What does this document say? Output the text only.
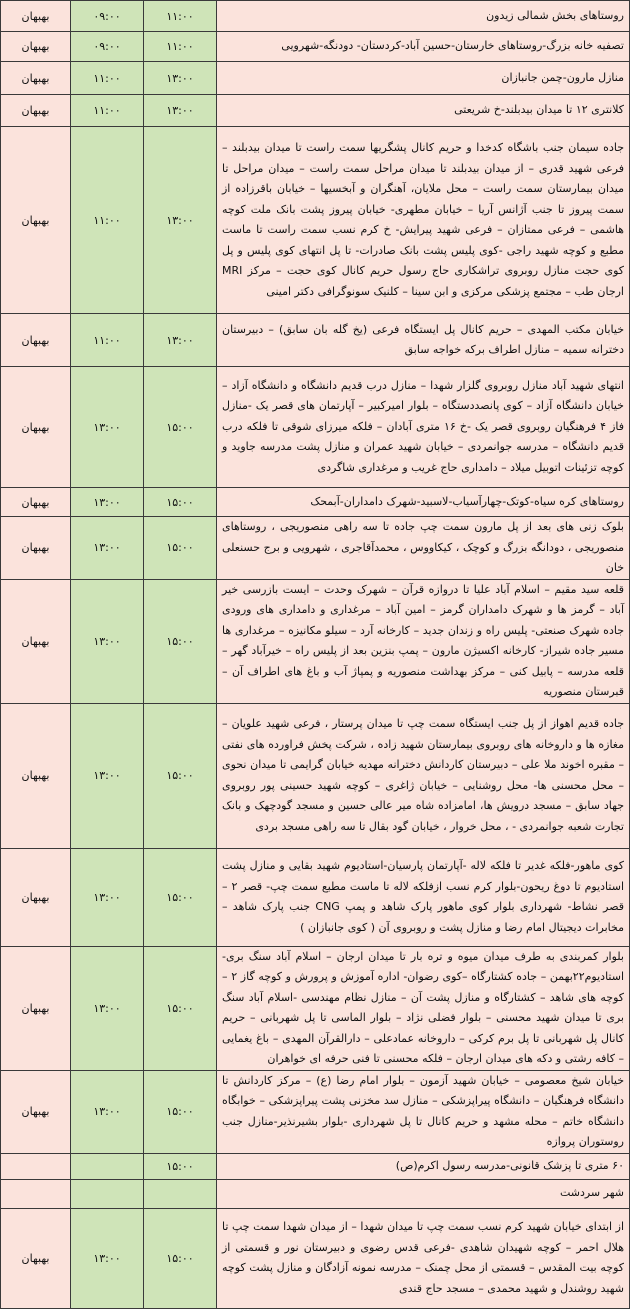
بهبهان	۰۹:۰۰	۱۱:۰۰	روستاهای بخش شمالی زیدون
بهبهان	۰۹:۰۰	۱۱:۰۰	تصفیه خانه بزرگ-روستاهای خارستان-حسین آباد-کردستان- دودنگه-شهرویی
بهبهان	۱۱:۰۰	۱۳:۰۰	منازل مارون-چمن جانبازان
بهبهان	۱۱:۰۰	۱۳:۰۰	کلانتری ۱۲ تا میدان بیدبلند-خ شریعتی
بهبهان	۱۱:۰۰	۱۳:۰۰	جاده سیمان جنب باشگاه کدخدا و حریم کانال پشگریها سمت راست تا میدان بیدبلند – فرعی شهید قدری – از میدان بیدبلند تا میدان مراحل سمت راست – میدان مراحل تا میدان بیمارستان سمت راست – محل ملایان، آهنگران و آبخسیها – خیابان باقرزاده از سمت پیروز تا جنب آژانس آریا – خیابان مطهری- خیابان پیروز پشت بانک ملت کوچه هاشمی – فرعی ممتازان – فرعی شهید پیرایش- خ کرم نسب سمت راست تا ماست مطبع و کوچه شهید راجی -کوی پلیس پشت بانک صادرات- تا پل انتهای کوی پلیس و پل کوی حجت منازل روبروی تراشکاری حاج رسول حریم کانال کوی حجت – مرکز MRI ارجان طب – مجتمع پزشکی مرکزی و ابن سینا – کلنیک سونوگرافی دکتر امینی
بهبهان	۱۱:۰۰	۱۳:۰۰	خیابان مکتب المهدی – حریم کانال پل ایستگاه فرعی (یخ گله بان سابق) – دبیرستان دخترانه سمیه – منازل اطراف برکه خواجه سابق
بهبهان	۱۳:۰۰	۱۵:۰۰	انتهای شهید آباد منازل روبروی گلزار شهدا – منازل درب قدیم دانشگاه و دانشگاه آزاد – خیابان دانشگاه آزاد – کوی پانصددستگاه – بلوار امیرکبیر – آپارتمان های قصر یک -منازل فاز ۴ فرهنگیان روبروی قصر یک -خ ۱۶ متری آبادان – فلکه میرزای شوقی تا فلکه درب قدیم دانشگاه – مدرسه جوانمردی – خیابان شهید عمران و منازل پشت مدرسه جاوید و کوچه تزئینات اتوبیل میلاد – دامداری حاج غریب و مرغداری شاگردی
بهبهان	۱۳:۰۰	۱۵:۰۰	روستاهای کره سیاه-کوتک-چهارآسیاب-لاسبید-شهرک دامداران-آبمحک
بهبهان	۱۳:۰۰	۱۵:۰۰	بلوک زنی های بعد از پل مارون سمت چپ جاده تا سه راهی منصوریجی ، روستاهای منصوریجی ، دودانگه بزرگ و کوچک ، کیکاووس ، محمدآقاجری ، شهرویی و برج حسنعلی خان
بهبهان	۱۳:۰۰	۱۵:۰۰	قلعه سید مقیم – اسلام آباد علیا تا دروازه قرآن – شهرک وحدت – ایست بازرسی خیر آباد – گرمز ها و شهرک دامداران گرمز – امین آباد – مرغداری و دامداری های ورودی جاده شهرک صنعتی- پلیس راه و زندان جدید – کارخانه آرد – سیلو مکانیزه – مرغداری ها مسیر جاده شیراز- کارخانه اکسیژن مارون – پمپ بنزین بعد از پلیس راه – خیرآباد گهر – قلعه مدرسه – پابیل کنی – مرکز بهداشت منصوریه و پمپاژ آب و باغ های اطراف آن – قبرستان منصوریه
بهبهان	۱۳:۰۰	۱۵:۰۰	جاده قدیم اهواز از پل جنب ایستگاه سمت چپ تا میدان پرستار ، فرعی شهید علویان – مغازه ها و داروخانه های روبروی بیمارستان شهید زاده ، شرکت پخش فراورده های نفتی – مقبره اخوند ملا علی – دبیرستان کاردانش دخترانه مهدیه خیابان گرایمی تا میدان نحوی – محل محسنی ها- محل روشنایی – خیابان ژاغری – کوچه شهید حسینی پور روبروی جهاد سابق – مسجد درویش ها، امامزاده شاه میر عالی حسین و مسجد گودچهک و بانک تجارت شعبه جوانمردی - ، محل خروار ، خیابان گود بقال تا سه راهی مسجد بردی
بهبهان	۱۳:۰۰	۱۵:۰۰	کوی ماهور-فلکه غدیر تا فلکه لاله -آپارتمان پارسیان-استادیوم شهید بقایی و منازل پشت استادیوم تا دوغ ریحون-بلوار کرم نسب ازفلکه لاله تا ماست مطبع سمت چپ- قصر ۲ – قصر نشاط- شهرداری بلوار کوی ماهور پارک شاهد و پمپ CNG جنب پارک شاهد – مخابرات دیجیتال امام رضا و منازل پشت و روبروی آن ( کوی جانبازان )
بهبهان	۱۳:۰۰	۱۵:۰۰	بلوار کمربندی به طرف میدان میوه و تره بار تا میدان ارجان – اسلام آباد سنگ بری-استادیوم۲۲بهمن – جاده کشتارگاه –کوی رضوان- اداره آموزش و پرورش و کوچه گاز ۲ –کوچه های شاهد – کشتارگاه و منازل پشت آن – منازل نظام مهندسی -اسلام آباد سنگ بری تا میدان شهید محسنی – بلوار فضلی نژاد – بلوار الماسی تا پل شهربانی – حریم کانال پل شهربانی تا پل برم کرکی – داروخانه عمادعلی – دارالقرآن المهدی – باغ یغمایی – کافه رشتی و دکه های میدان ارجان – فلکه محسنی تا فنی حرفه ای خواهران
بهبهان	۱۳:۰۰	۱۵:۰۰	خیابان شیخ معصومی – خیابان شهید آزمون – بلوار امام رضا (ع) – مرکز کاردانش تا دانشگاه فرهنگیان – دانشگاه پیراپزشکی – منازل سد مخزنی پشت پیراپزشکی – خوابگاه دانشگاه خاتم – محله مشهد و حریم کانال تا پل شهرداری -بلوار بشیرنذیر-منازل جنب روستوران پروازه
		۱۵:۰۰	۶۰ متری تا پزشک قانونی-مدرسه رسول اکرم(ص)
			شهر سردشت
بهبهان	۱۳:۰۰	۱۵:۰۰	از ابتدای خیابان شهید کرم نسب سمت چپ تا میدان شهدا – از میدان شهدا سمت چپ تا هلال احمر – کوچه شهیدان شاهدی -فرعی قدس رضوی و دبیرستان نور و قسمتی از کوچه بیت المقدس – قسمتی از محل چمنک – مدرسه نمونه آزادگان و منازل پشت کوچه شهید روشندل و شهید محمدی – مسجد حاج قندی
